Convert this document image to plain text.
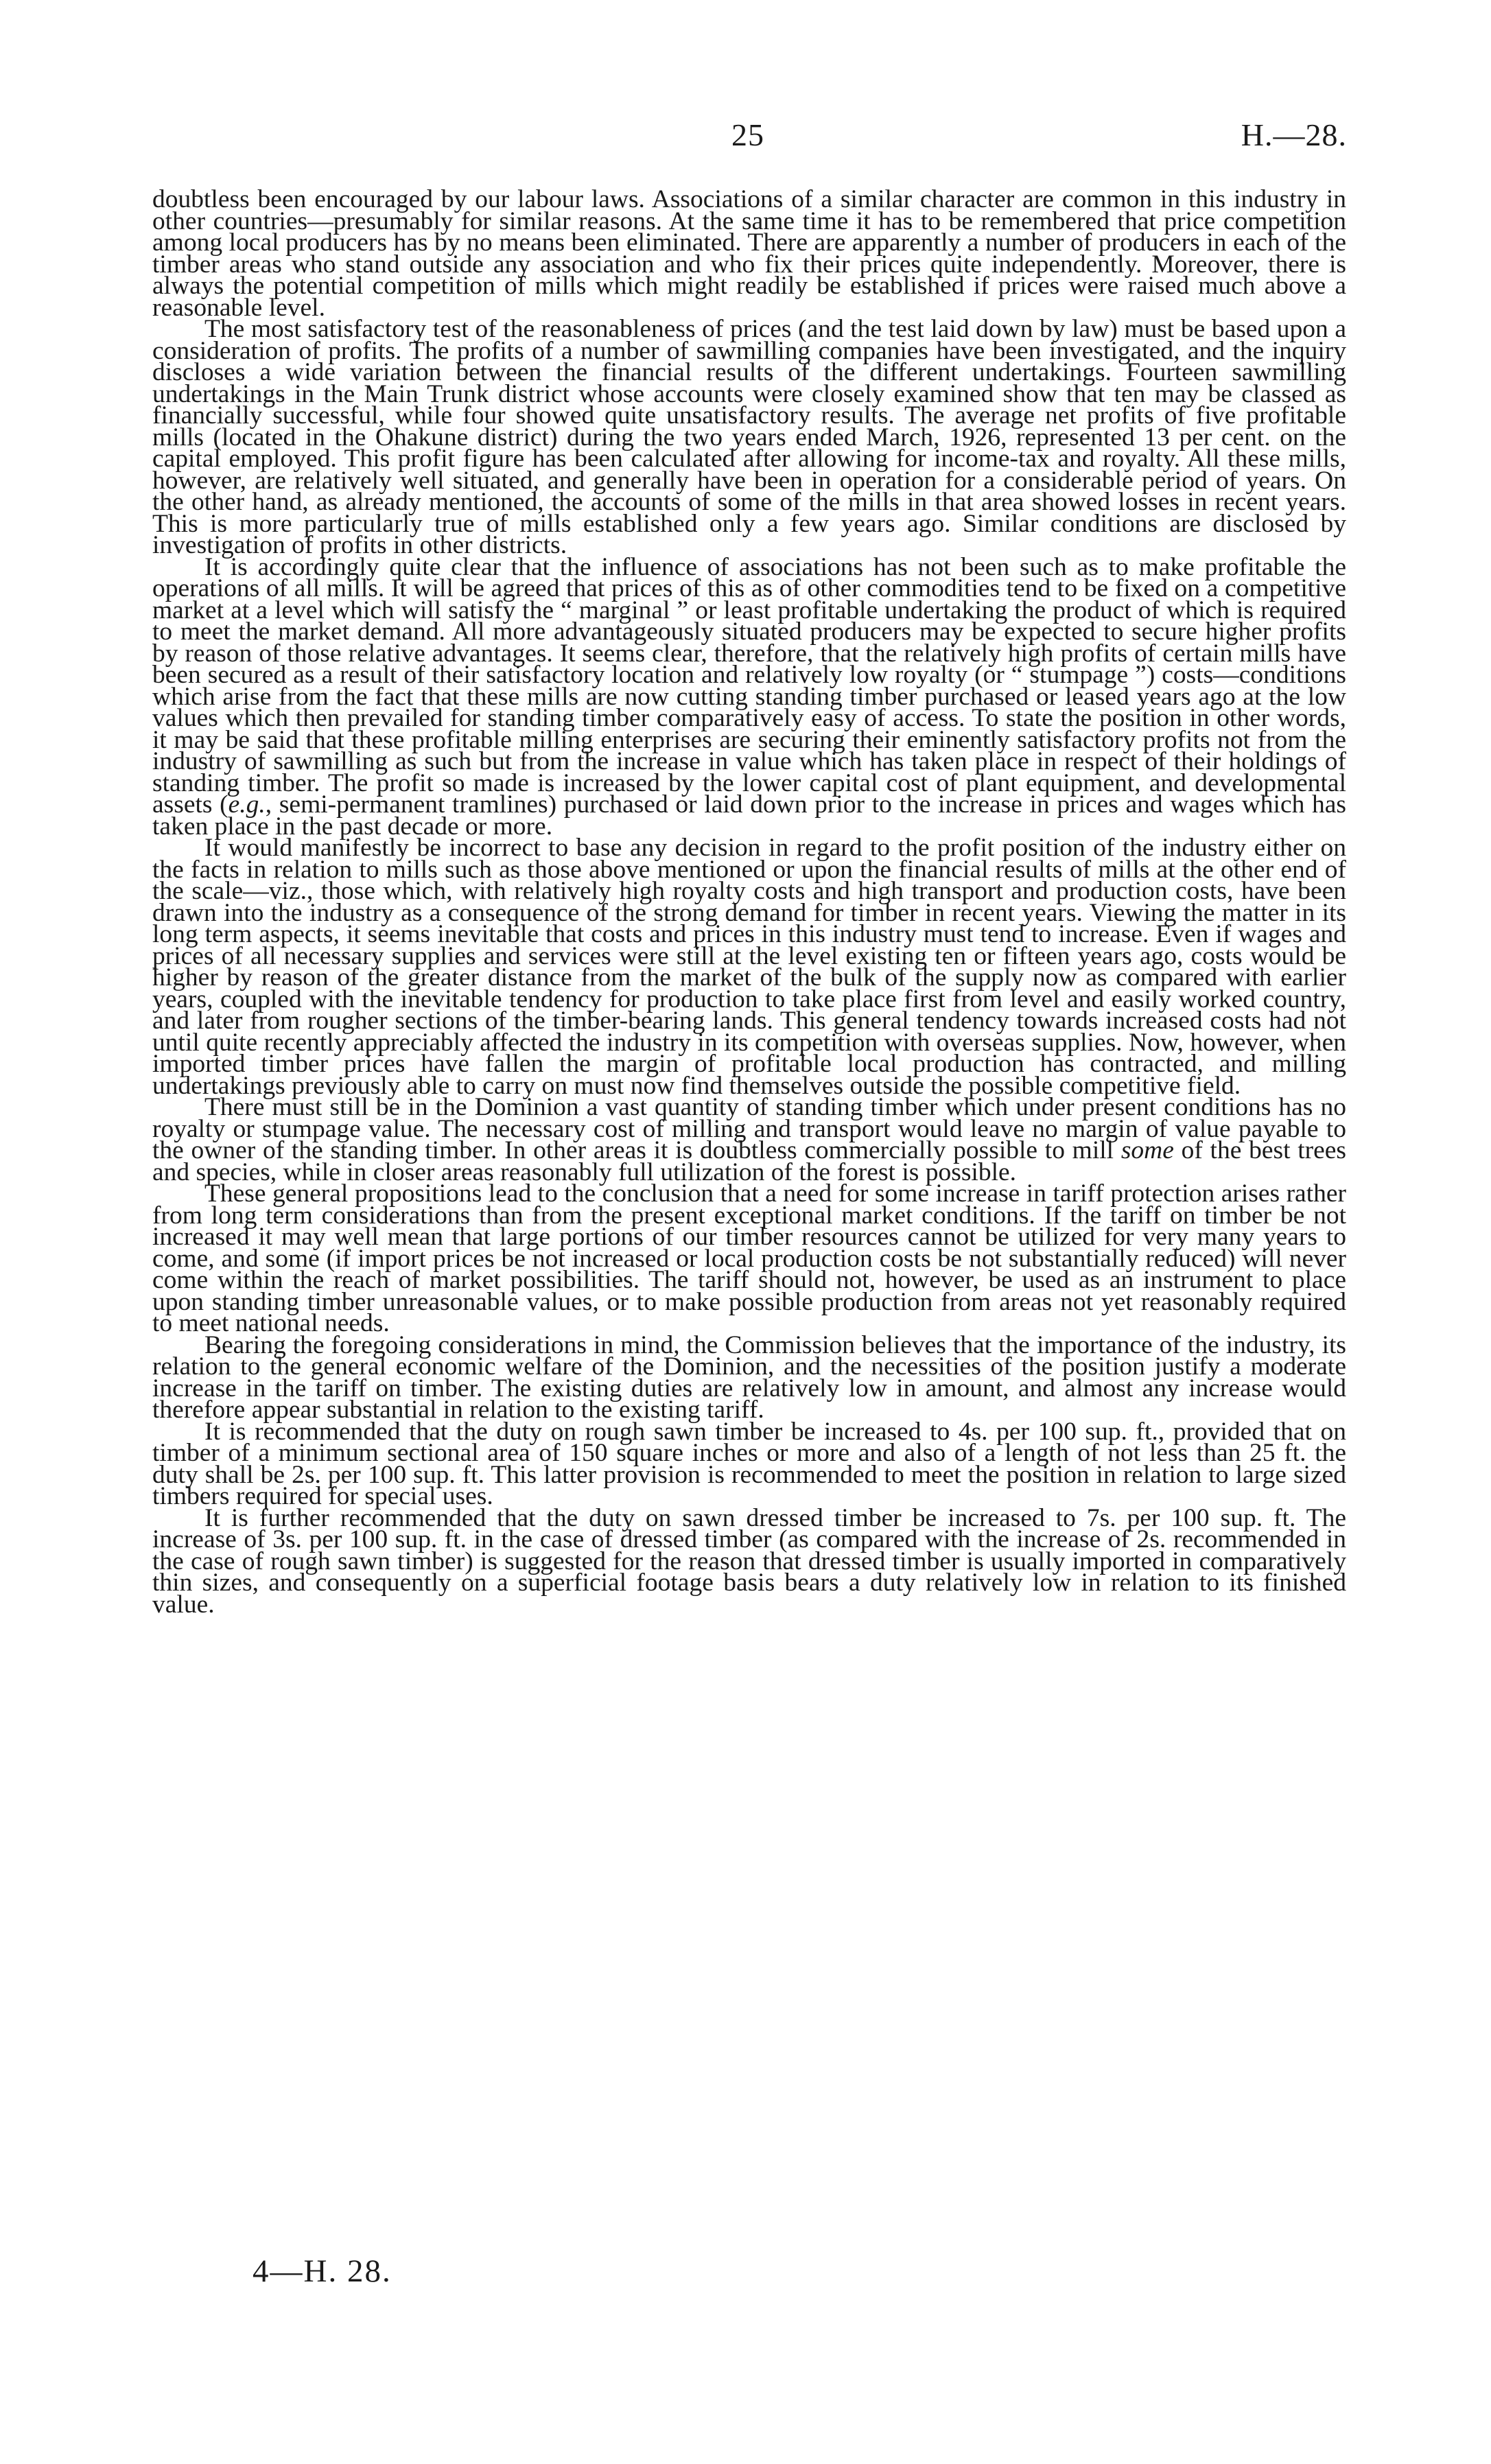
25	H.—28.

doubtless been encouraged by our labour laws. Associations of a similar character are common in this industry in other countries—presumably for similar reasons. At the same time it has to be remembered that price competition among local producers has by no means been eliminated. There are apparently a number of producers in each of the timber areas who stand outside any association and who fix their prices quite independently. Moreover, there is always the potential competition of mills which might readily be established if prices were raised much above a reasonable level.

The most satisfactory test of the reasonableness of prices (and the test laid down by law) must be based upon a consideration of profits. The profits of a number of sawmilling companies have been investigated, and the inquiry discloses a wide variation between the financial results of the different undertakings. Fourteen sawmilling undertakings in the Main Trunk district whose accounts were closely examined show that ten may be classed as financially successful, while four showed quite unsatisfactory results. The average net profits of five profitable mills (located in the Ohakune district) during the two years ended March, 1926, represented 13 per cent. on the capital employed. This profit figure has been calculated after allowing for income-tax and royalty. All these mills, however, are relatively well situated, and generally have been in operation for a considerable period of years. On the other hand, as already mentioned, the accounts of some of the mills in that area showed losses in recent years. This is more particularly true of mills established only a few years ago. Similar conditions are disclosed by investigation of profits in other districts.

It is accordingly quite clear that the influence of associations has not been such as to make profitable the operations of all mills. It will be agreed that prices of this as of other commodities tend to be fixed on a competitive market at a level which will satisfy the “ marginal ” or least profitable undertaking the product of which is required to meet the market demand. All more advantageously situated producers may be expected to secure higher profits by reason of those relative advantages. It seems clear, therefore, that the relatively high profits of certain mills have been secured as a result of their satisfactory location and relatively low royalty (or “ stumpage ”) costs—conditions which arise from the fact that these mills are now cutting standing timber purchased or leased years ago at the low values which then prevailed for standing timber comparatively easy of access. To state the position in other words, it may be said that these profitable milling enterprises are securing their eminently satisfactory profits not from the industry of sawmilling as such but from the increase in value which has taken place in respect of their holdings of standing timber. The profit so made is increased by the lower capital cost of plant equipment, and developmental assets (e.g., semi-permanent tramlines) purchased or laid down prior to the increase in prices and wages which has taken place in the past decade or more.

It would manifestly be incorrect to base any decision in regard to the profit position of the industry either on the facts in relation to mills such as those above mentioned or upon the financial results of mills at the other end of the scale—viz., those which, with relatively high royalty costs and high transport and production costs, have been drawn into the industry as a consequence of the strong demand for timber in recent years. Viewing the matter in its long term aspects, it seems inevitable that costs and prices in this industry must tend to increase. Even if wages and prices of all necessary supplies and services were still at the level existing ten or fifteen years ago, costs would be higher by reason of the greater distance from the market of the bulk of the supply now as compared with earlier years, coupled with the inevitable tendency for production to take place first from level and easily worked country, and later from rougher sections of the timber-bearing lands. This general tendency towards increased costs had not until quite recently appreciably affected the industry in its competition with overseas supplies. Now, however, when imported timber prices have fallen the margin of profitable local production has contracted, and milling undertakings previously able to carry on must now find themselves outside the possible competitive field.

There must still be in the Dominion a vast quantity of standing timber which under present conditions has no royalty or stumpage value. The necessary cost of milling and transport would leave no margin of value payable to the owner of the standing timber. In other areas it is doubtless commercially possible to mill some of the best trees and species, while in closer areas reasonably full utilization of the forest is possible.

These general propositions lead to the conclusion that a need for some increase in tariff protection arises rather from long term considerations than from the present exceptional market conditions. If the tariff on timber be not increased it may well mean that large portions of our timber resources cannot be utilized for very many years to come, and some (if import prices be not increased or local production costs be not substantially reduced) will never come within the reach of market possibilities. The tariff should not, however, be used as an instrument to place upon standing timber unreasonable values, or to make possible production from areas not yet reasonably required to meet national needs.

Bearing the foregoing considerations in mind, the Commission believes that the importance of the industry, its relation to the general economic welfare of the Dominion, and the necessities of the position justify a moderate increase in the tariff on timber. The existing duties are relatively low in amount, and almost any increase would therefore appear substantial in relation to the existing tariff.

It is recommended that the duty on rough sawn timber be increased to 4s. per 100 sup. ft., provided that on timber of a minimum sectional area of 150 square inches or more and also of a length of not less than 25 ft. the duty shall be 2s. per 100 sup. ft. This latter provision is recommended to meet the position in relation to large sized timbers required for special uses.

It is further recommended that the duty on sawn dressed timber be increased to 7s. per 100 sup. ft. The increase of 3s. per 100 sup. ft. in the case of dressed timber (as compared with the increase of 2s. recommended in the case of rough sawn timber) is suggested for the reason that dressed timber is usually imported in comparatively thin sizes, and consequently on a superficial footage basis bears a duty relatively low in relation to its finished value.

4—H. 28.
